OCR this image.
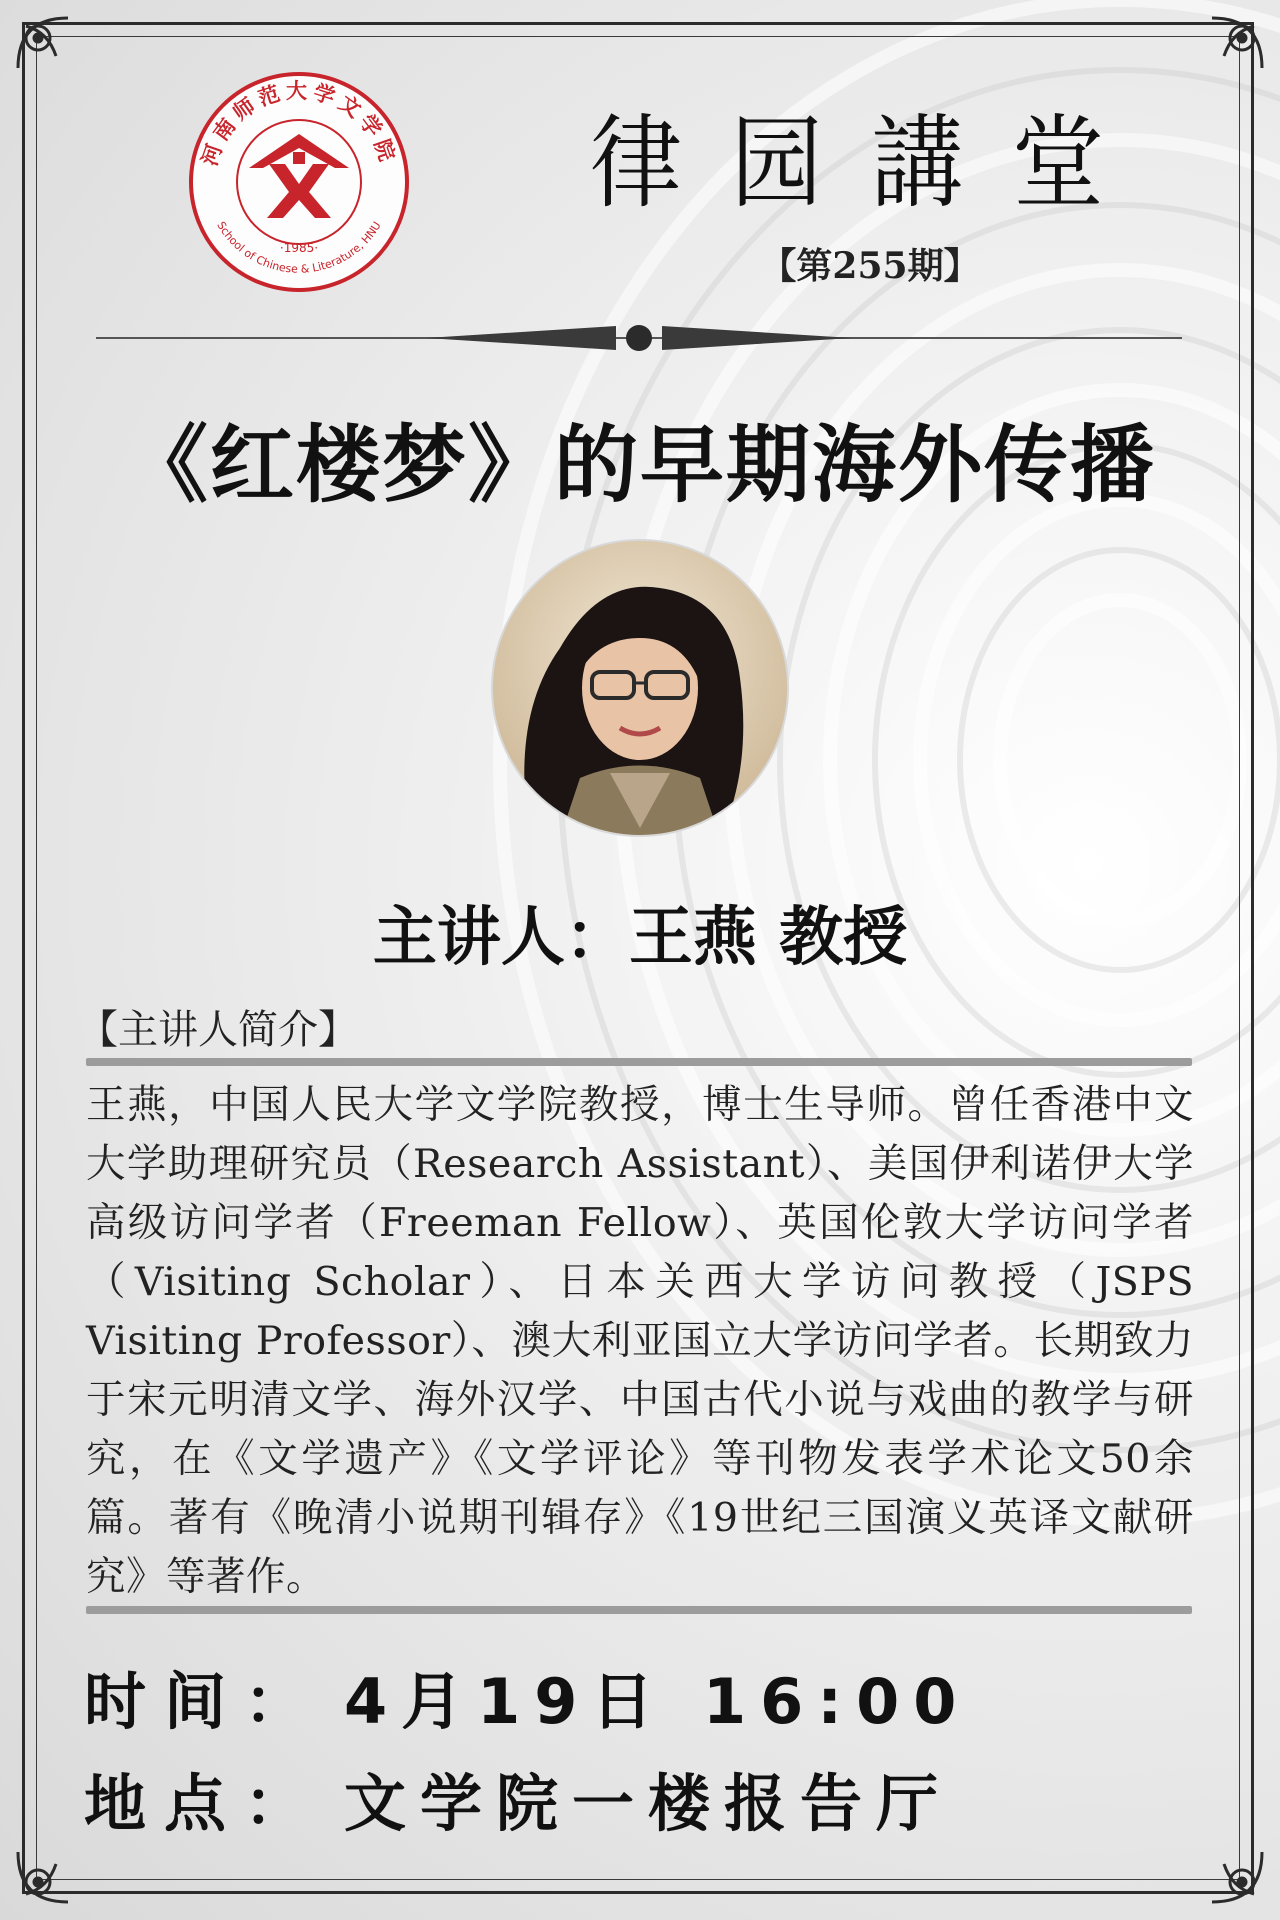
河南师范大学文学院
School of Chinese & Literature, HNU
·1985·
律 园 講 堂
【第255期】
《红楼梦》的早期海外传播
主讲人：王燕 教授
【主讲人简介】
王燕，中国人民大学文学院教授，博士生导师。曾任香港中文大学助理研究员（Research Assistant）、美国伊利诺伊大学高级访问学者（Freeman Fellow）、英国伦敦大学访问学者（Visiting Scholar）、日本关西大学访问教授（JSPS Visiting Professor）、澳大利亚国立大学访问学者。长期致力于宋元明清文学、海外汉学、中国古代小说与戏曲的教学与研究，在《文学遗产》《文学评论》等刊物发表学术论文50余篇。著有《晚清小说期刊辑存》《19世纪三国演义英译文献研究》等著作。
时间： 4月19日 16:00
地点： 文学院一楼报告厅
